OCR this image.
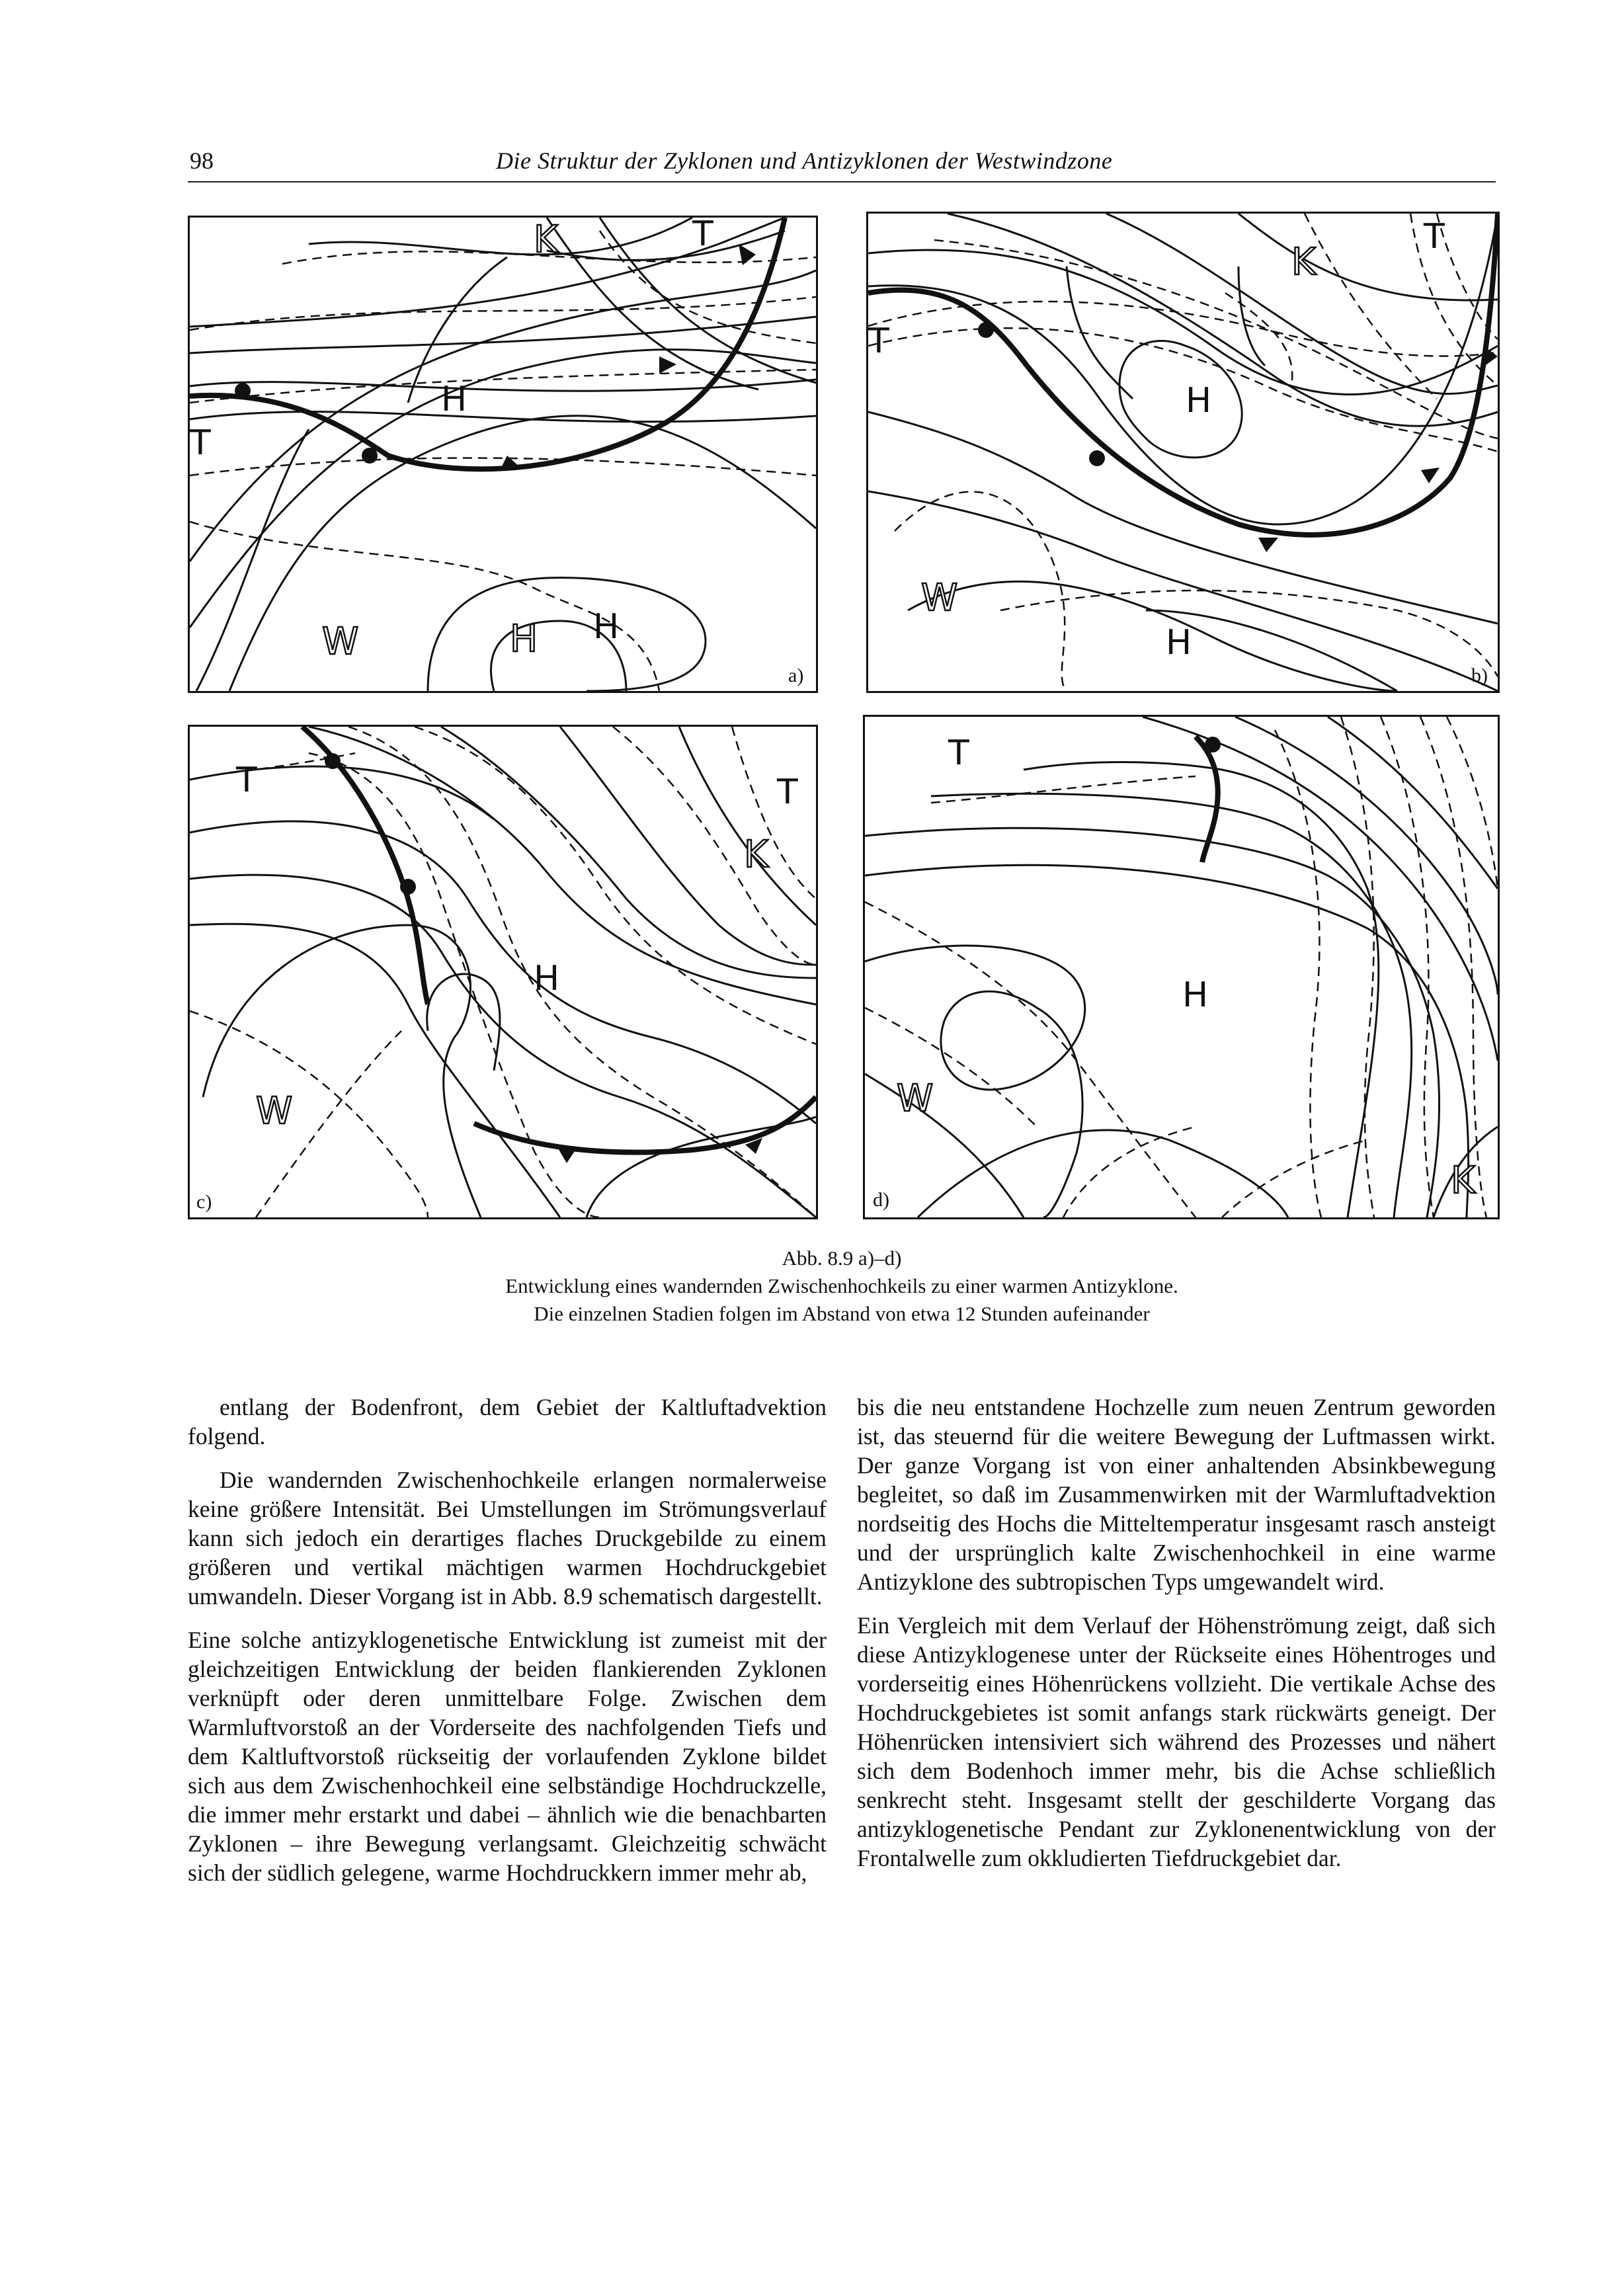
98	Die Struktur der Zyklonen und Antizyklonen der Westwindzone
K	T
T
H
H H
W
a)
K
T
T
H
H
W
b)
T	T
K
H
W
c)
T
H
W
K
d)
Abb. 8.9 a)–d)
Entwicklung eines wandernden Zwischenhochkeils zu einer warmen Antizyklone.
Die einzelnen Stadien folgen im Abstand von etwa 12 Stunden aufeinander

entlang der Bodenfront, dem Gebiet der Kaltluftadvektion folgend.

Die wandernden Zwischenhochkeile erlangen normalerweise keine größere Intensität. Bei Umstellungen im Strömungsverlauf kann sich jedoch ein derartiges flaches Druckgebilde zu einem größeren und vertikal mächtigen warmen Hochdruckgebiet umwandeln. Dieser Vorgang ist in Abb. 8.9 schematisch dargestellt.

Eine solche antizyklogenetische Entwicklung ist zumeist mit der gleichzeitigen Entwicklung der beiden flankierenden Zyklonen verknüpft oder deren unmittelbare Folge. Zwischen dem Warmluftvorstoß an der Vorderseite des nachfolgenden Tiefs und dem Kaltluftvorstoß rückseitig der vorlaufenden Zyklone bildet sich aus dem Zwischenhochkeil eine selbständige Hochdruckzelle, die immer mehr erstarkt und dabei – ähnlich wie die benachbarten Zyklonen – ihre Bewegung verlangsamt. Gleichzeitig schwächt sich der südlich gelegene, warme Hochdruckkern immer mehr ab,

bis die neu entstandene Hochzelle zum neuen Zentrum geworden ist, das steuernd für die weitere Bewegung der Luftmassen wirkt. Der ganze Vorgang ist von einer anhaltenden Absinkbewegung begleitet, so daß im Zusammenwirken mit der Warmluftadvektion nordseitig des Hochs die Mitteltemperatur insgesamt rasch ansteigt und der ursprünglich kalte Zwischenhochkeil in eine warme Antizyklone des subtropischen Typs umgewandelt wird.

Ein Vergleich mit dem Verlauf der Höhenströmung zeigt, daß sich diese Antizyklogenese unter der Rückseite eines Höhentroges und vorderseitig eines Höhenrückens vollzieht. Die vertikale Achse des Hochdruckgebietes ist somit anfangs stark rückwärts geneigt. Der Höhenrücken intensiviert sich während des Prozesses und nähert sich dem Bodenhoch immer mehr, bis die Achse schließlich senkrecht steht. Insgesamt stellt der geschilderte Vorgang das antizyklogenetische Pendant zur Zyklonenentwicklung von der Frontalwelle zum okkludierten Tiefdruckgebiet dar.
